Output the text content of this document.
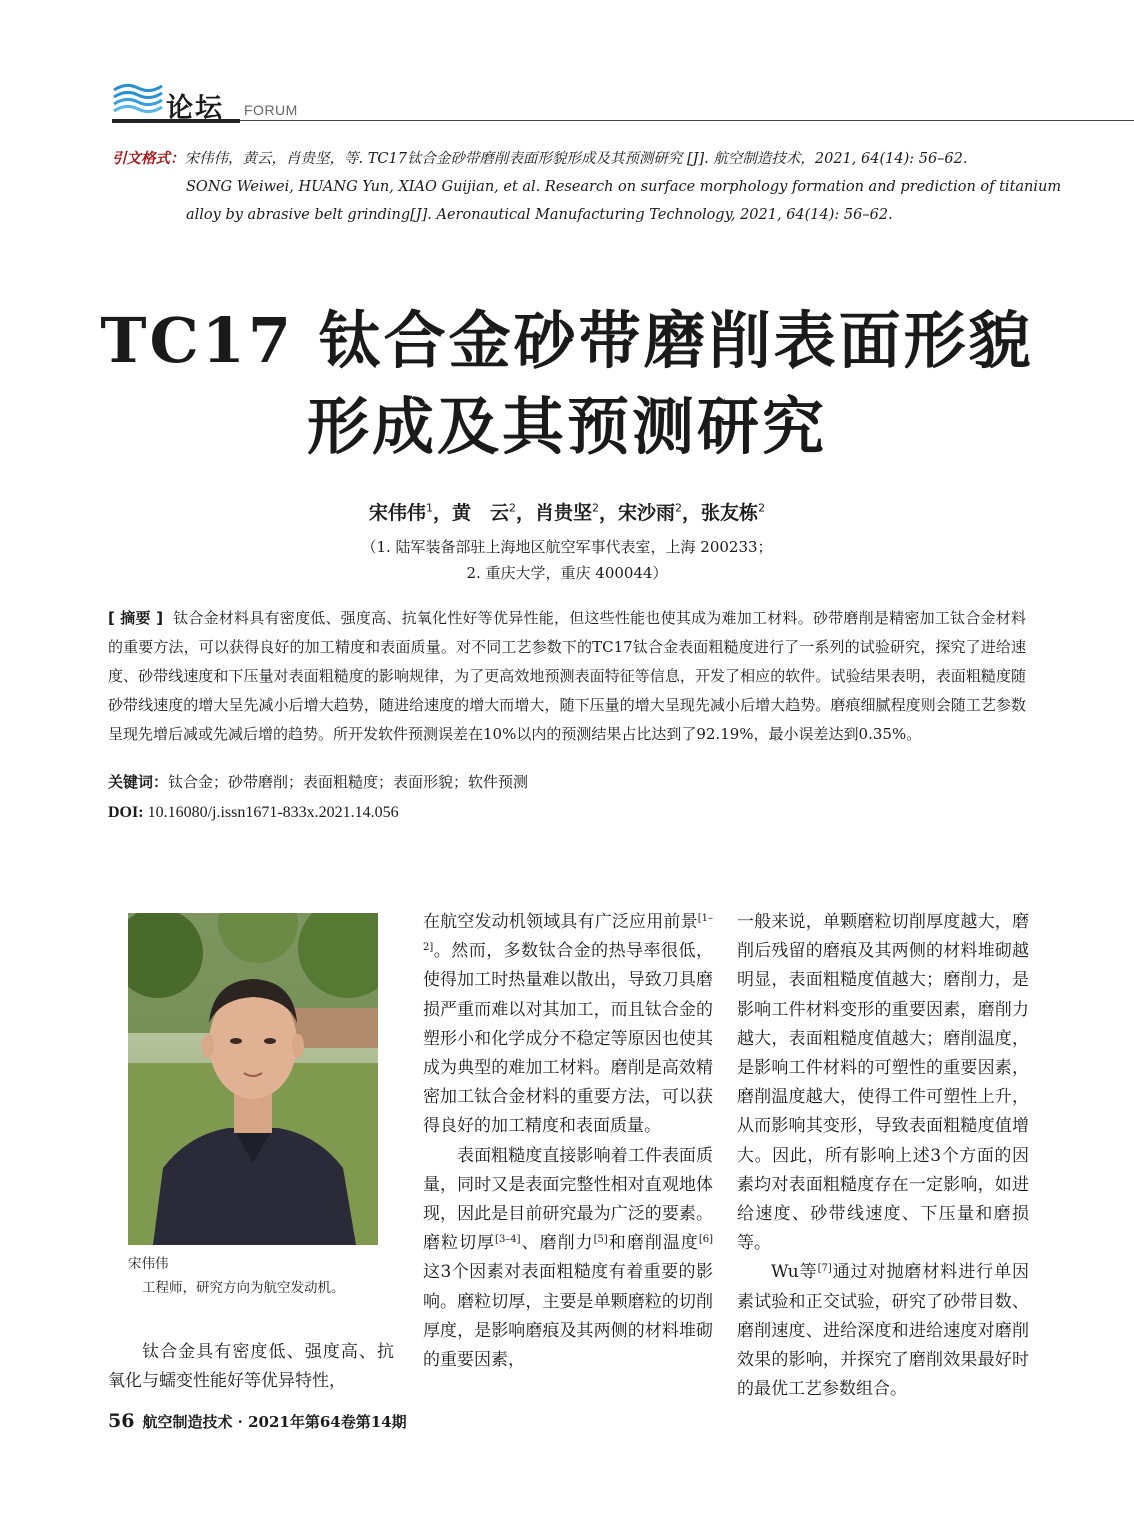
论坛 FORUM
引文格式：宋伟伟，黄云，肖贵坚，等. TC17钛合金砂带磨削表面形貌形成及其预测研究 [J]. 航空制造技术，2021, 64(14): 56–62.
SONG Weiwei, HUANG Yun, XIAO Guijian, et al. Research on surface morphology formation and prediction of titanium
alloy by abrasive belt grinding[J]. Aeronautical Manufacturing Technology, 2021, 64(14): 56–62.
TC17 钛合金砂带磨削表面形貌
形成及其预测研究
宋伟伟$^1$，黄　云$^2$，肖贵坚$^2$，宋沙雨$^2$，张友栋$^2$
（1. 陆军装备部驻上海地区航空军事代表室，上海 200233；
2. 重庆大学，重庆 400044）
[ 摘要 ] 钛合金材料具有密度低、强度高、抗氧化性好等优异性能，但这些性能也使其成为难加工材料。砂带磨削是精密加工钛合金材料的重要方法，可以获得良好的加工精度和表面质量。对不同工艺参数下的TC17钛合金表面粗糙度进行了一系列的试验研究，探究了进给速度、砂带线速度和下压量对表面粗糙度的影响规律，为了更高效地预测表面特征等信息，开发了相应的软件。试验结果表明，表面粗糙度随砂带线速度的增大呈先减小后增大趋势，随进给速度的增大而增大，随下压量的增大呈现先减小后增大趋势。磨痕细腻程度则会随工艺参数呈现先增后减或先减后增的趋势。所开发软件预测误差在10%以内的预测结果占比达到了92.19%，最小误差达到0.35%。
关键词：钛合金；砂带磨削；表面粗糙度；表面形貌；软件预测
DOI: 10.16080/j.issn1671-833x.2021.14.056
宋伟伟
工程师，研究方向为航空发动机。

钛合金具有密度低、强度高、抗氧化与蠕变性能好等优异特性，

在航空发动机领域具有广泛应用前景[1–2]。然而，多数钛合金的热导率很低，使得加工时热量难以散出，导致刀具磨损严重而难以对其加工，而且钛合金的塑形小和化学成分不稳定等原因也使其成为典型的难加工材料。磨削是高效精密加工钛合金材料的重要方法，可以获得良好的加工精度和表面质量。

表面粗糙度直接影响着工件表面质量，同时又是表面完整性相对直观地体现，因此是目前研究最为广泛的要素。磨粒切厚[3–4]、磨削力[5]和磨削温度[6]这3个因素对表面粗糙度有着重要的影响。磨粒切厚，主要是单颗磨粒的切削厚度，是影响磨痕及其两侧的材料堆砌的重要因素，

一般来说，单颗磨粒切削厚度越大，磨削后残留的磨痕及其两侧的材料堆砌越明显，表面粗糙度值越大；磨削力，是影响工件材料变形的重要因素，磨削力越大，表面粗糙度值越大；磨削温度，是影响工件材料的可塑性的重要因素，磨削温度越大，使得工件可塑性上升，从而影响其变形，导致表面粗糙度值增大。因此，所有影响上述3个方面的因素均对表面粗糙度存在一定影响，如进给速度、砂带线速度、下压量和磨损等。

Wu等[7]通过对抛磨材料进行单因素试验和正交试验，研究了砂带目数、磨削速度、进给深度和进给速度对磨削效果的影响，并探究了磨削效果最好时的最优工艺参数组合。

56 航空制造技术 · 2021年第64卷第14期
